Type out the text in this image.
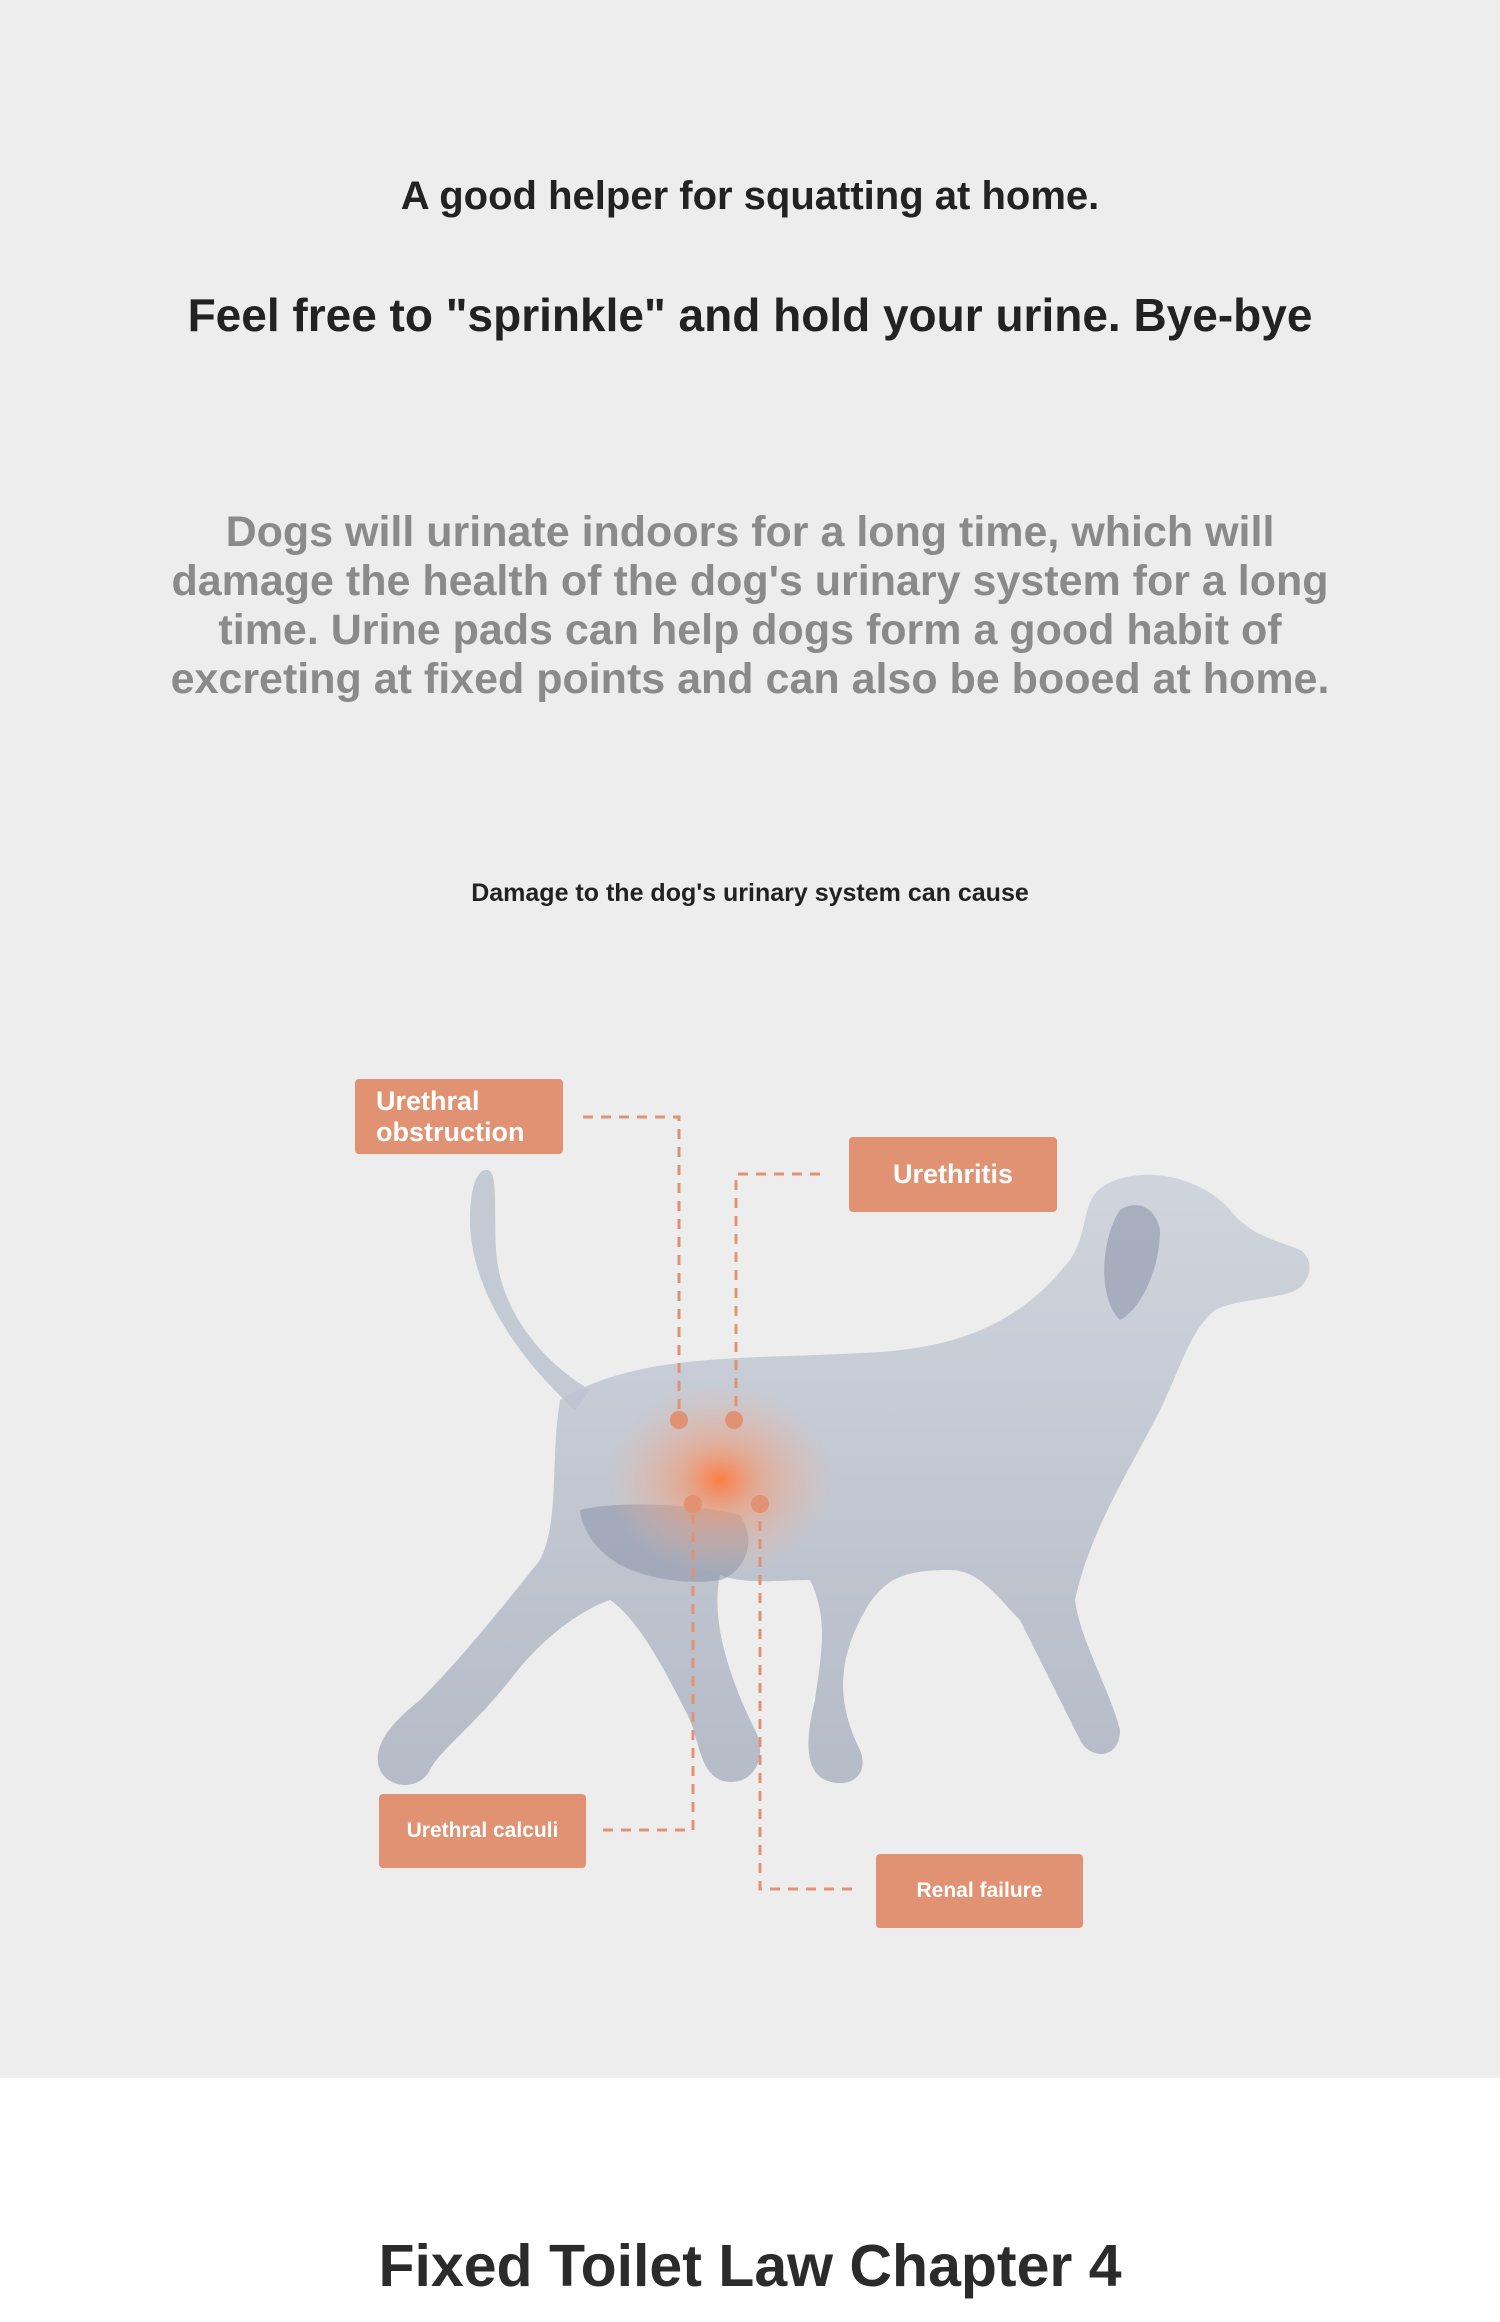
A good helper for squatting at home.
Feel free to "sprinkle" and hold your urine. Bye-bye
Dogs will urinate indoors for a long time, which will
damage the health of the dog's urinary system for a long
time. Urine pads can help dogs form a good habit of
excreting at fixed points and can also be booed at home.
Damage to the dog's urinary system can cause
Urethral
obstruction
Urethritis
Urethral calculi
Renal failure
Fixed Toilet Law Chapter 4
